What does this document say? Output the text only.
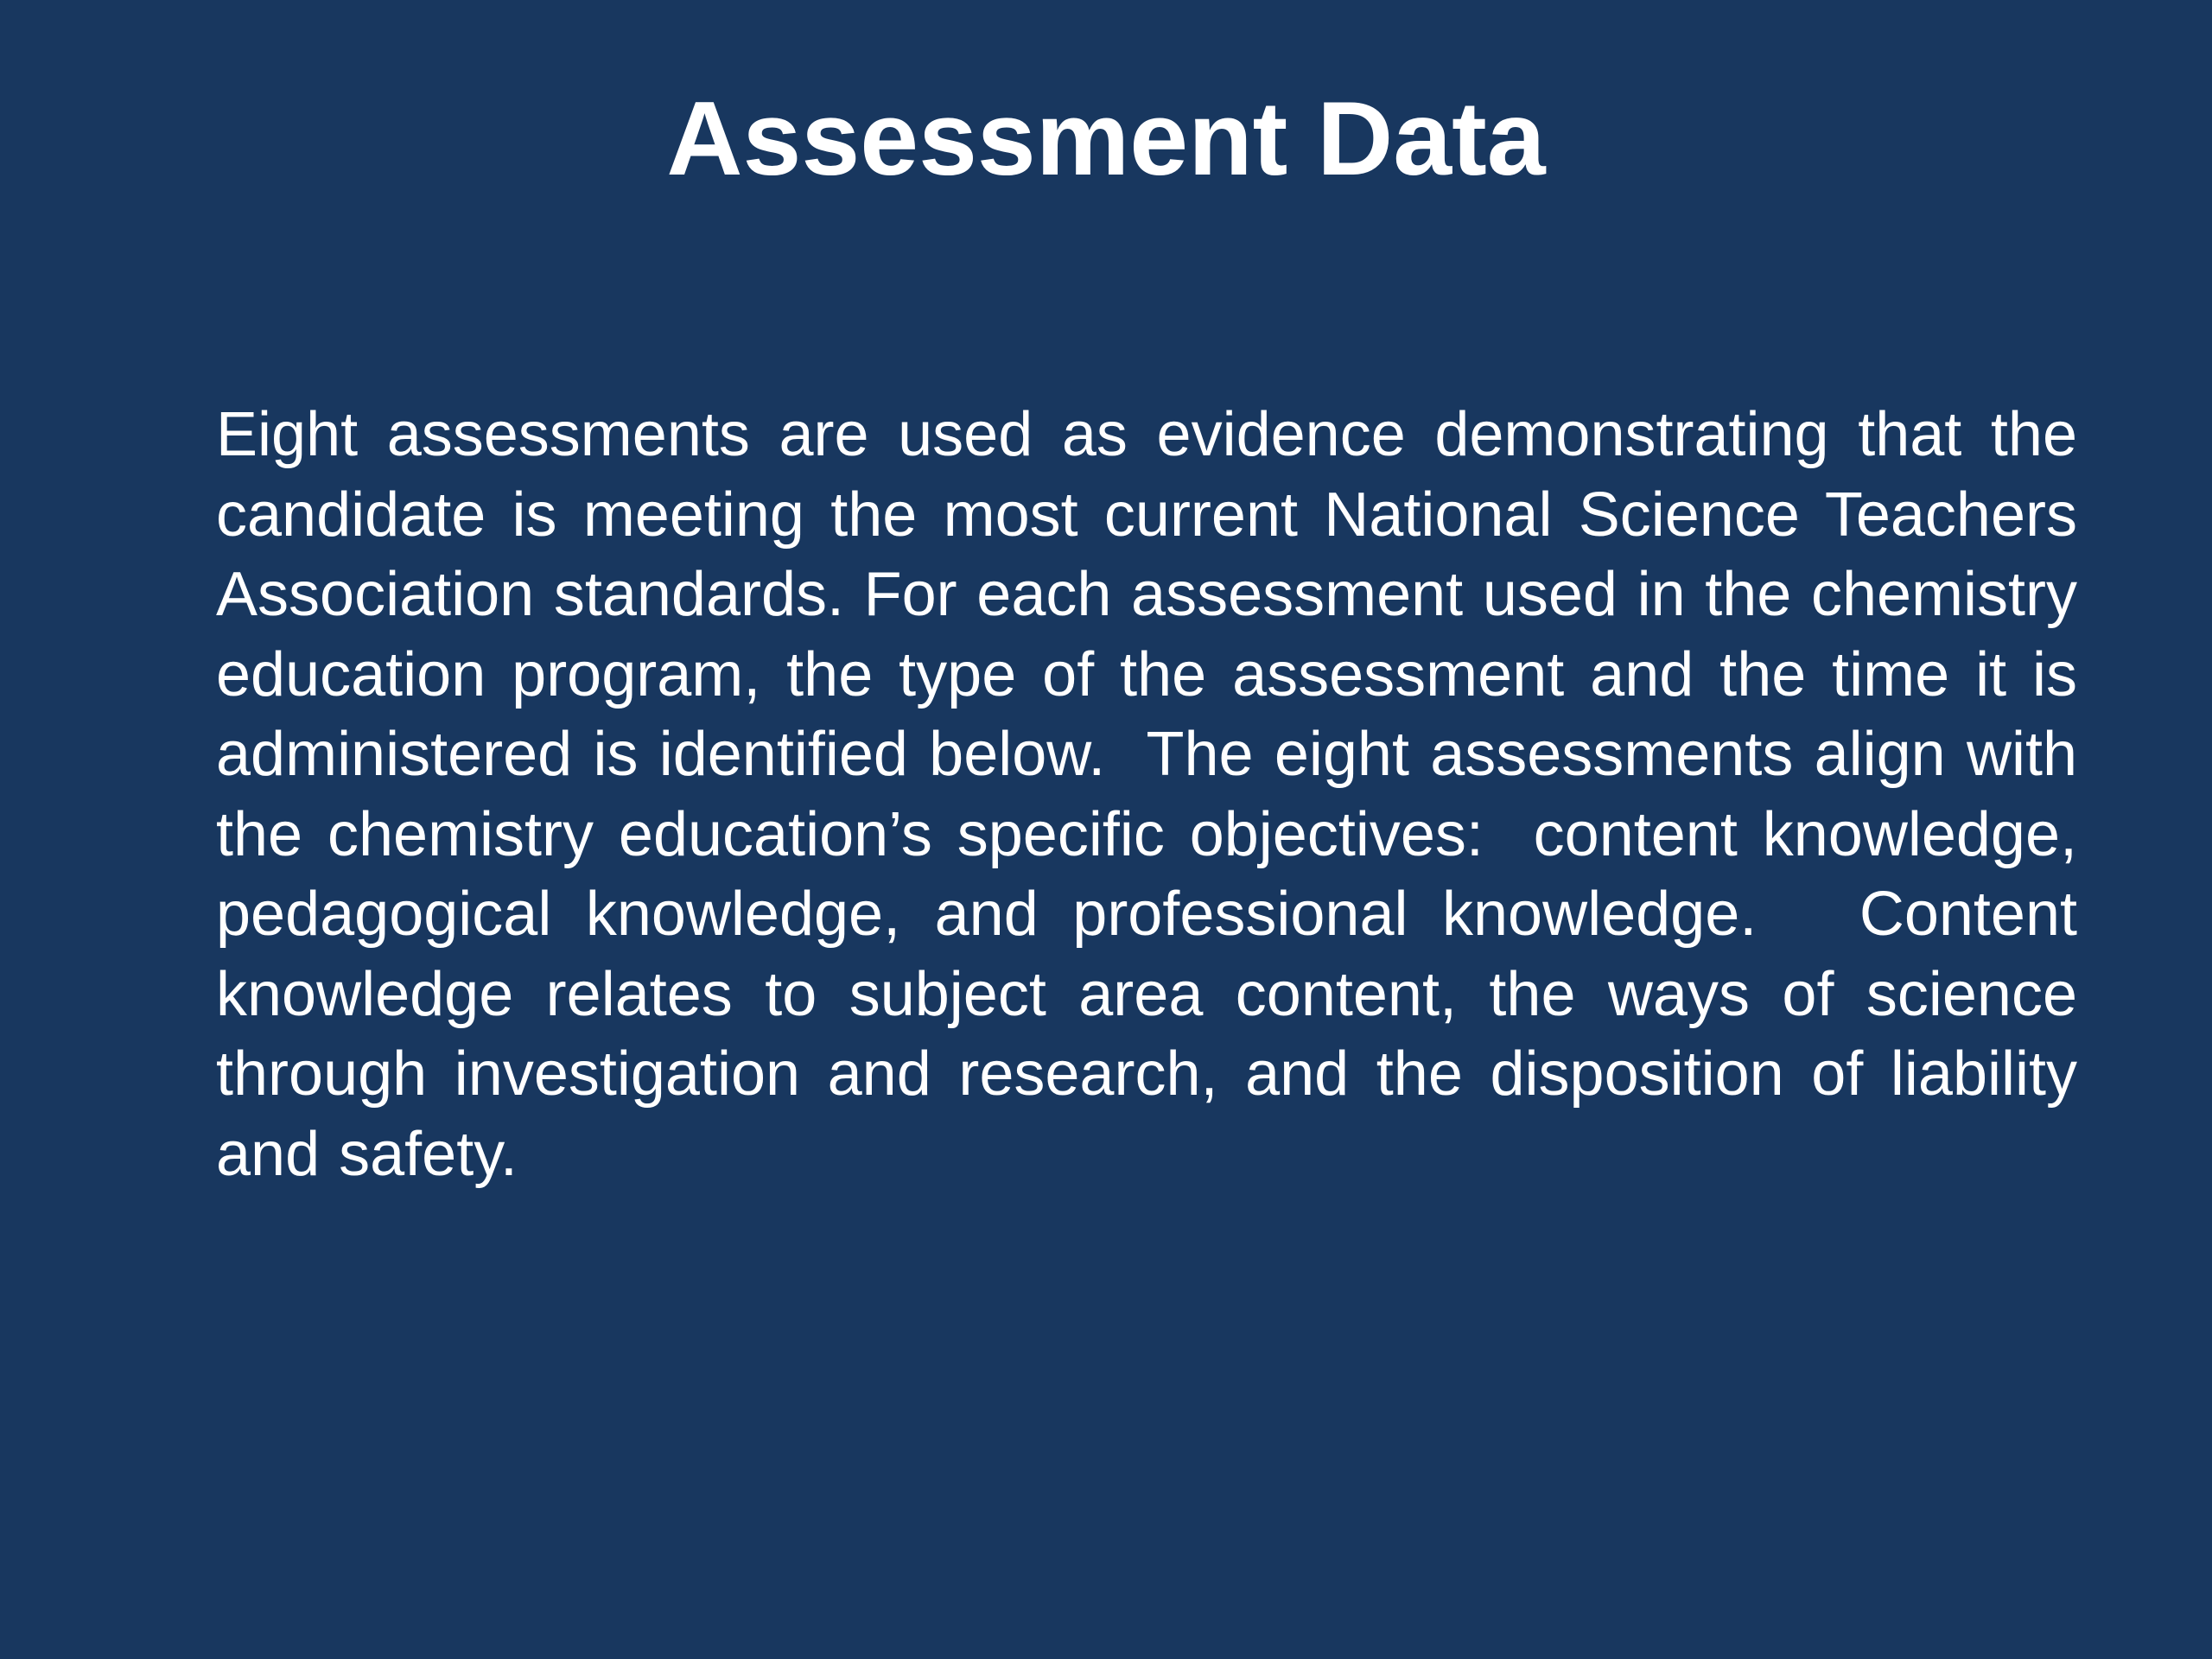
Assessment Data

Eight assessments are used as evidence demonstrating that the candidate is meeting the most current National Science Teachers Association standards. For each assessment used in the chemistry education program, the type of the assessment and the time it is administered is identified below.  The eight assessments align with the chemistry education’s specific objectives:  content knowledge, pedagogical knowledge, and professional knowledge.   Content knowledge relates to subject area content, the ways of science through investigation and research, and the disposition of liability and safety.
